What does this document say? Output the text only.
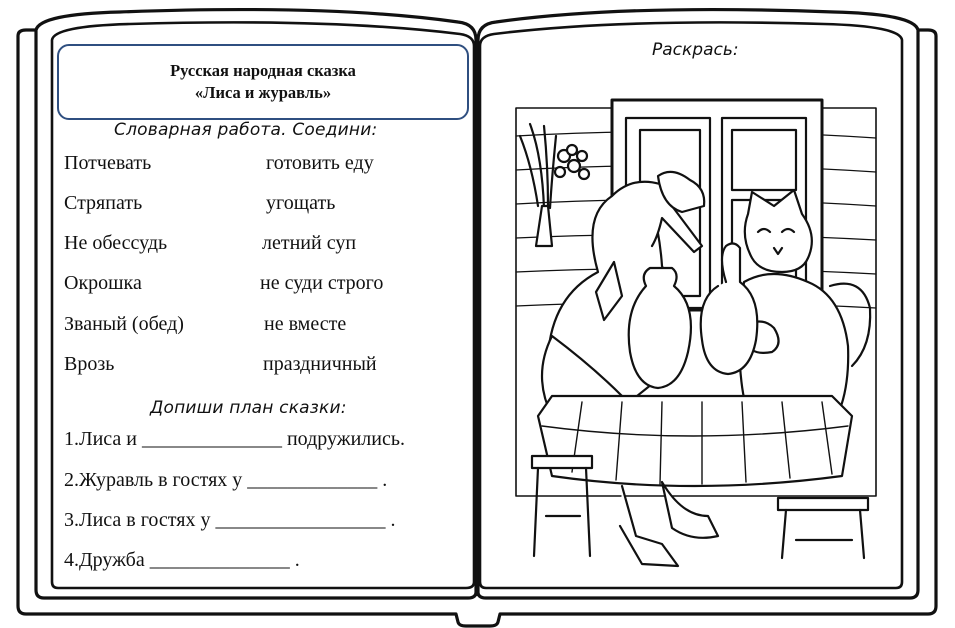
Русская народная сказка
«Лиса и журавль»
Словарная работа. Соедини:
Потчевать
Стряпать
Не обессудь
Окрошка
Званый (обед)
Врозь
готовить еду
угощать
летний суп
не суди строго
не вместе
праздничный
Допиши план сказки:
1.Лиса и ______________ подружились.
2.Журавль в гостях у _____________ .
3.Лиса в гостях у _________________ .
4.Дружба ______________ .
Раскрась:
